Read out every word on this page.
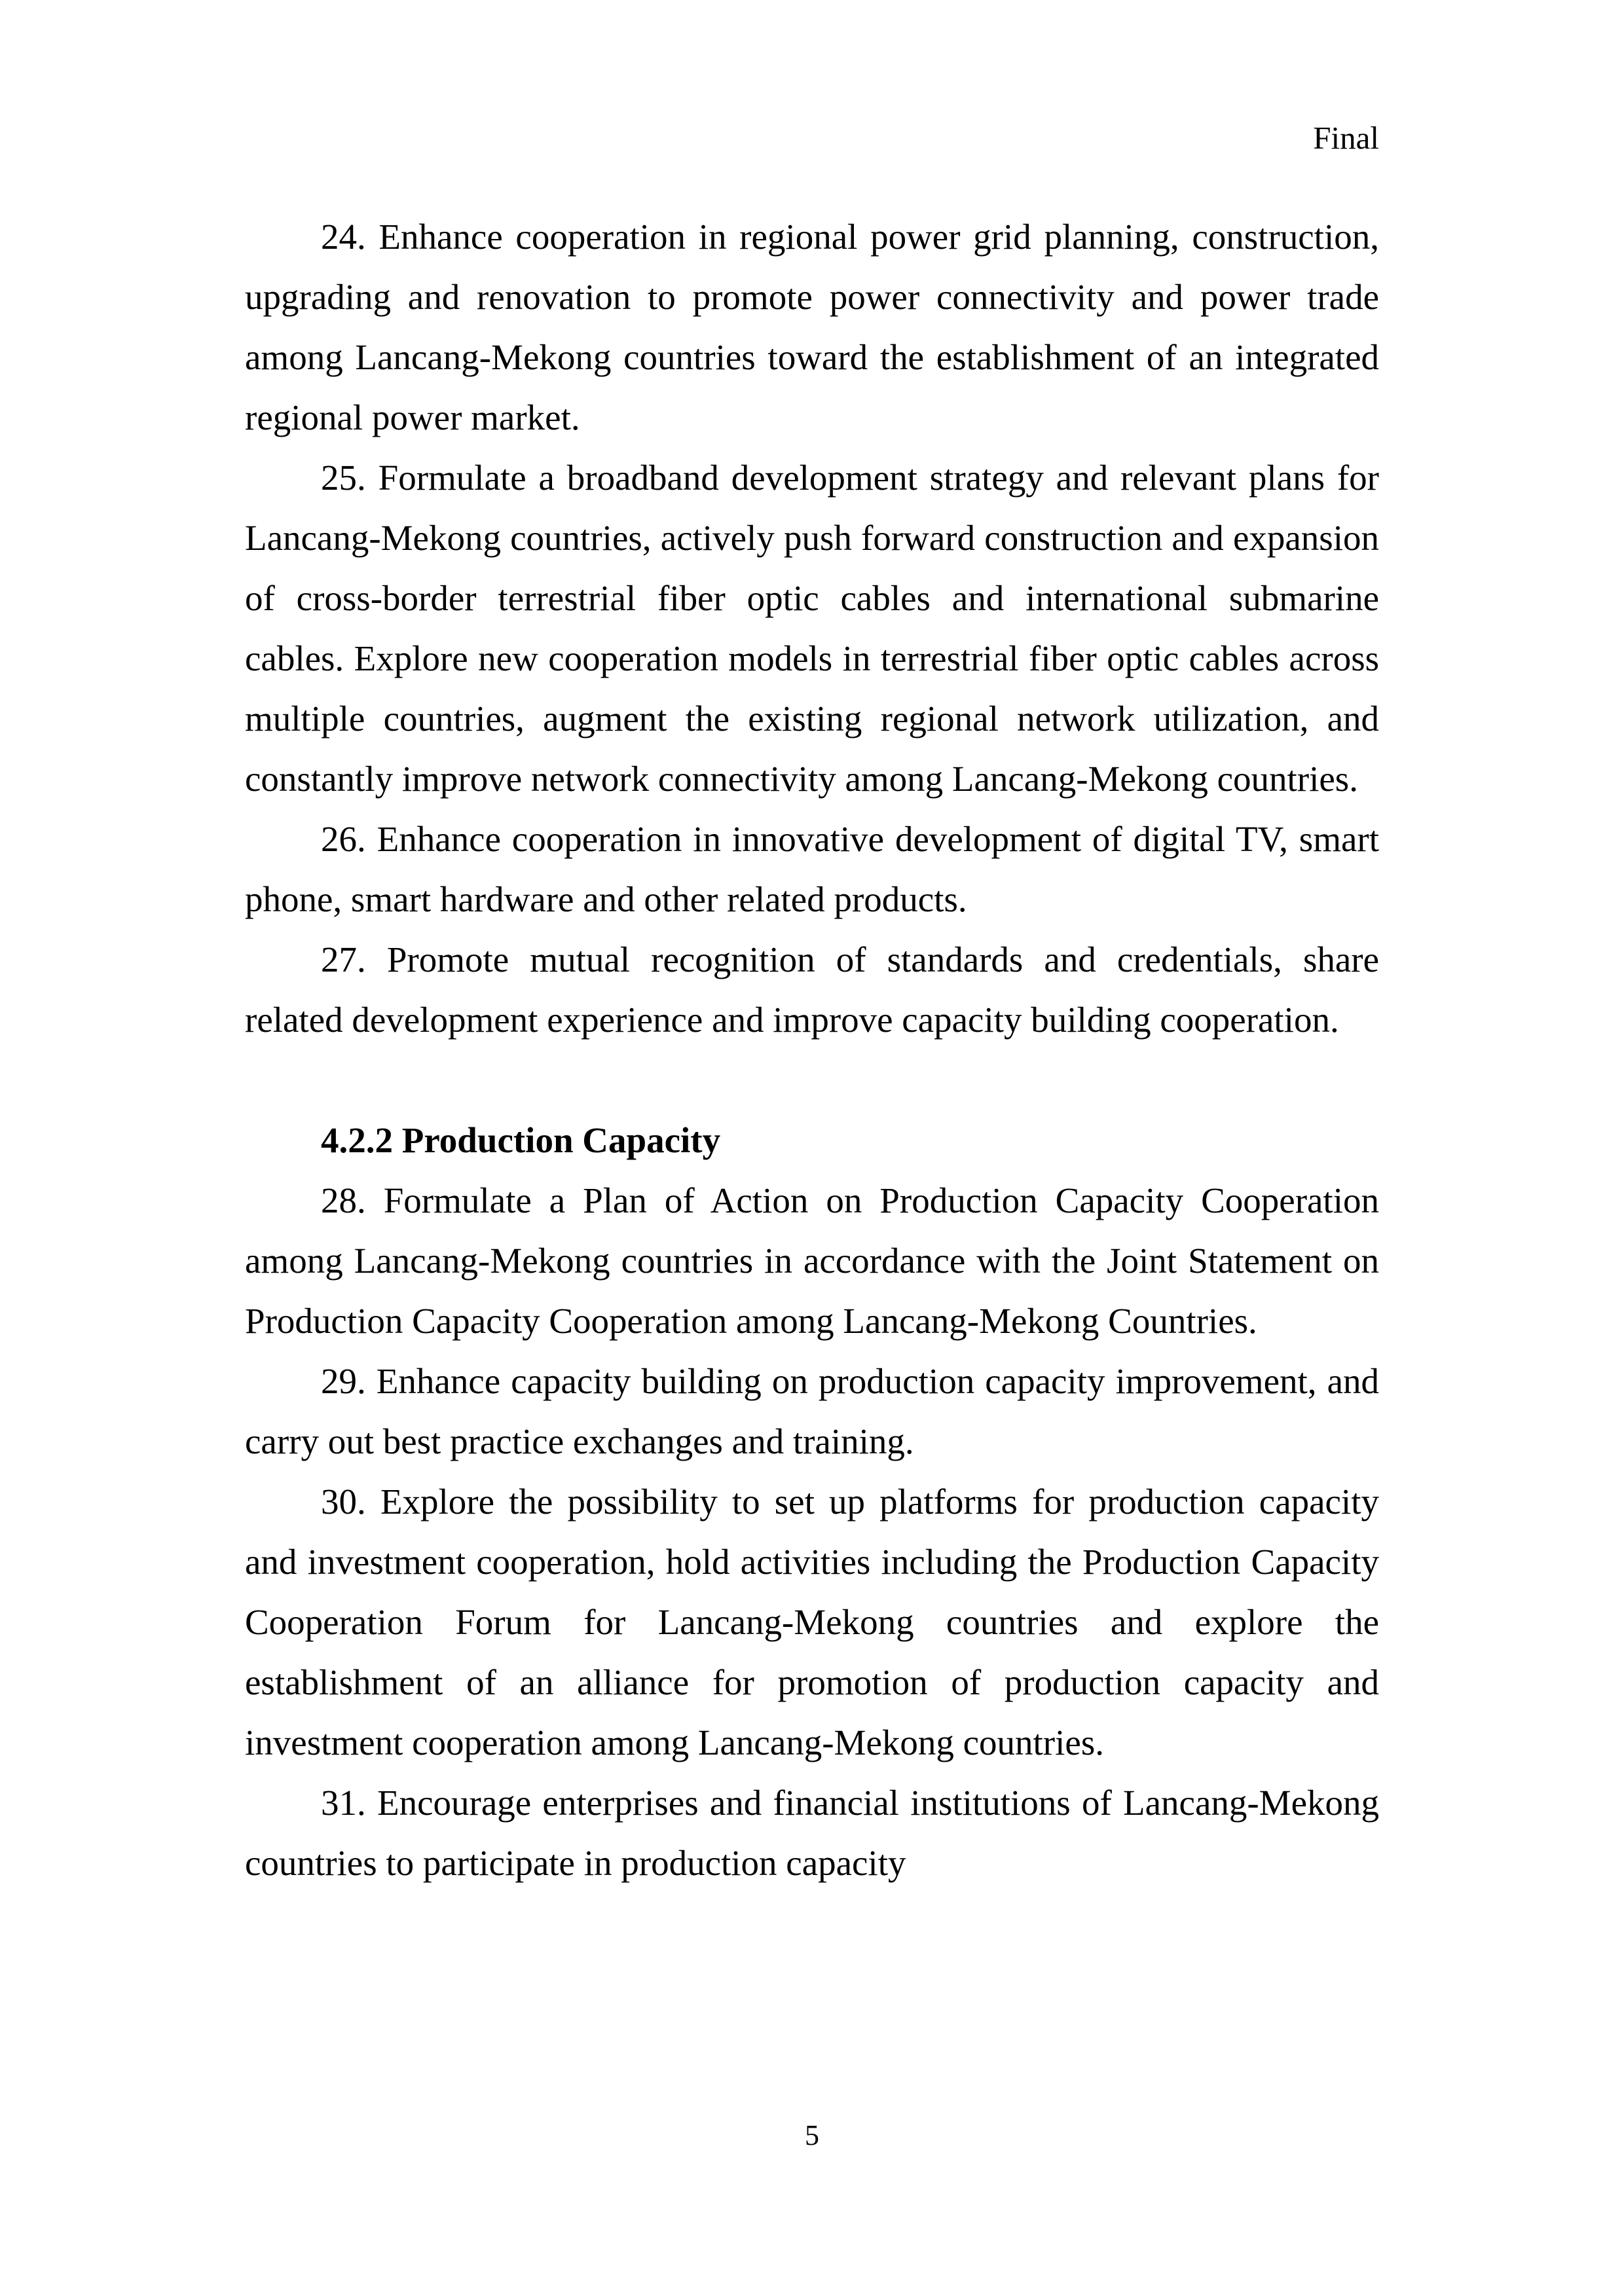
Final

24. Enhance cooperation in regional power grid planning, construction, upgrading and renovation to promote power connectivity and power trade among Lancang-Mekong countries toward the establishment of an integrated regional power market.

25. Formulate a broadband development strategy and relevant plans for Lancang-Mekong countries, actively push forward construction and expansion of cross-border terrestrial fiber optic cables and international submarine cables. Explore new cooperation models in terrestrial fiber optic cables across multiple countries, augment the existing regional network utilization, and constantly improve network connectivity among Lancang-Mekong countries.

26. Enhance cooperation in innovative development of digital TV, smart phone, smart hardware and other related products.

27. Promote mutual recognition of standards and credentials, share related development experience and improve capacity building cooperation.

4.2.2 Production Capacity

28. Formulate a Plan of Action on Production Capacity Cooperation among Lancang-Mekong countries in accordance with the Joint Statement on Production Capacity Cooperation among Lancang-Mekong Countries.

29. Enhance capacity building on production capacity improvement, and carry out best practice exchanges and training.

30. Explore the possibility to set up platforms for production capacity and investment cooperation, hold activities including the Production Capacity Cooperation Forum for Lancang-Mekong countries and explore the establishment of an alliance for promotion of production capacity and investment cooperation among Lancang-Mekong countries.

31. Encourage enterprises and financial institutions of Lancang-Mekong countries to participate in production capacity

5
